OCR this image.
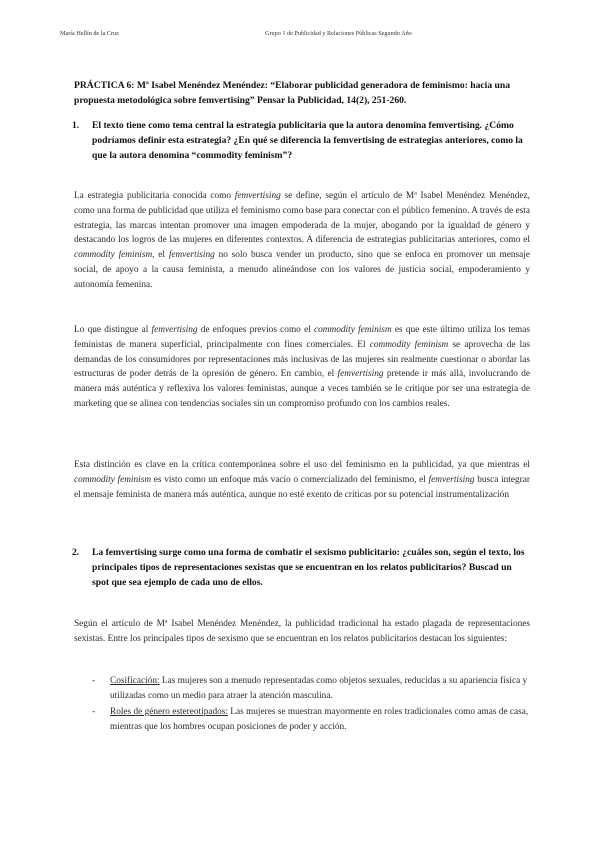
María Hellín de la Cruz	Grupo 1 de Publicidad y Relaciones Públicas Segundo Año
PRÁCTICA 6: Mª Isabel Menéndez Menéndez: “Elaborar publicidad generadora de feminismo: hacia una propuesta metodológica sobre femvertising” Pensar la Publicidad, 14(2), 251-260.
1. El texto tiene como tema central la estrategia publicitaria que la autora denomina femvertising. ¿Cómo podríamos definir esta estrategia? ¿En qué se diferencia la femvertising de estrategias anteriores, como la que la autora denomina “commodity feminism”?
La estrategia publicitaria conocida como femvertising se define, según el artículo de Mª Isabel Menéndez Menéndez, como una forma de publicidad que utiliza el feminismo como base para conectar con el público femenino. A través de esta estrategia, las marcas intentan promover una imagen empoderada de la mujer, abogando por la igualdad de género y destacando los logros de las mujeres en diferentes contextos. A diferencia de estrategias publicitarias anteriores, como el commodity feminism, el femvertising no solo busca vender un producto, sino que se enfoca en promover un mensaje social, de apoyo a la causa feminista, a menudo alineándose con los valores de justicia social, empoderamiento y autonomía femenina.
Lo que distingue al femvertising de enfoques previos como el commodity feminism es que este último utiliza los temas feministas de manera superficial, principalmente con fines comerciales. El commodity feminism se aprovecha de las demandas de los consumidores por representaciones más inclusivas de las mujeres sin realmente cuestionar o abordar las estructuras de poder detrás de la opresión de género. En cambio, el femvertising pretende ir más allá, involucrando de manera más auténtica y reflexiva los valores feministas, aunque a veces también se le critique por ser una estrategia de marketing que se alinea con tendencias sociales sin un compromiso profundo con los cambios reales.
Esta distinción es clave en la crítica contemporánea sobre el uso del feminismo en la publicidad, ya que mientras el commodity feminism es visto como un enfoque más vacío o comercializado del feminismo, el femvertising busca integrar el mensaje feminista de manera más auténtica, aunque no esté exento de críticas por su potencial instrumentalización
2. La femvertising surge como una forma de combatir el sexismo publicitario: ¿cuáles son, según el texto, los principales tipos de representaciones sexistas que se encuentran en los relatos publicitarios? Buscad un spot que sea ejemplo de cada uno de ellos.
Según el artículo de Mª Isabel Menéndez Menéndez, la publicidad tradicional ha estado plagada de representaciones sexistas. Entre los principales tipos de sexismo que se encuentran en los relatos publicitarios destacan los siguientes:
- Cosificación: Las mujeres son a menudo representadas como objetos sexuales, reducidas a su apariencia física y utilizadas como un medio para atraer la atención masculina.
- Roles de género estereotipados: Las mujeres se muestran mayormente en roles tradicionales como amas de casa, mientras que los hombres ocupan posiciones de poder y acción.
